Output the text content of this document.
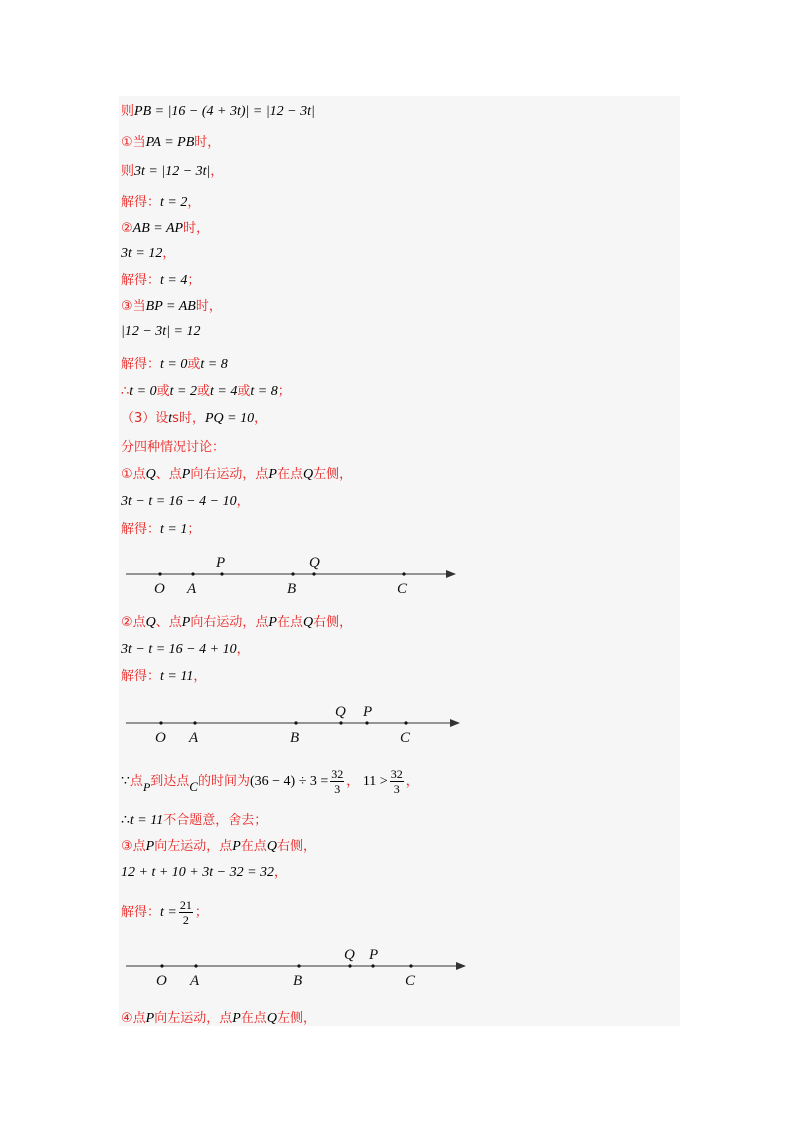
则PB = |16 − (4 + 3t)| = |12 − 3t|
①当PA = PB时，
则3t = |12 − 3t|，
解得：t = 2，
②AB = AP时，
3t = 12，
解得：t = 4；
③当BP = AB时，
|12 − 3t| = 12
解得：t = 0或t = 8
∴t = 0或t = 2或t = 4或t = 8；
（3）设ts时，PQ = 10，
分四种情况讨论：
①点Q、点P向右运动，点P在点Q左侧，
3t − t = 16 − 4 − 10，
解得：t = 1；
②点Q、点P向右运动，点P在点Q右侧，
3t − t = 16 − 4 + 10，
解得：t = 11，
∵点P到达点C的时间为$(36 - 4) \div 3 = \frac{32}{3}$ ， $11 > \frac{32}{3}$ ，
∴t = 11不合题意，舍去；
③点P向左运动，点P在点Q右侧，
12 + t + 10 + 3t − 32 = 32，
解得：$t = \frac{21}{2}$ ；
④点P向左运动，点P在点Q左侧，
O A
P
B
Q
C
O A	B
Q P
C
O A	B
Q P
C
